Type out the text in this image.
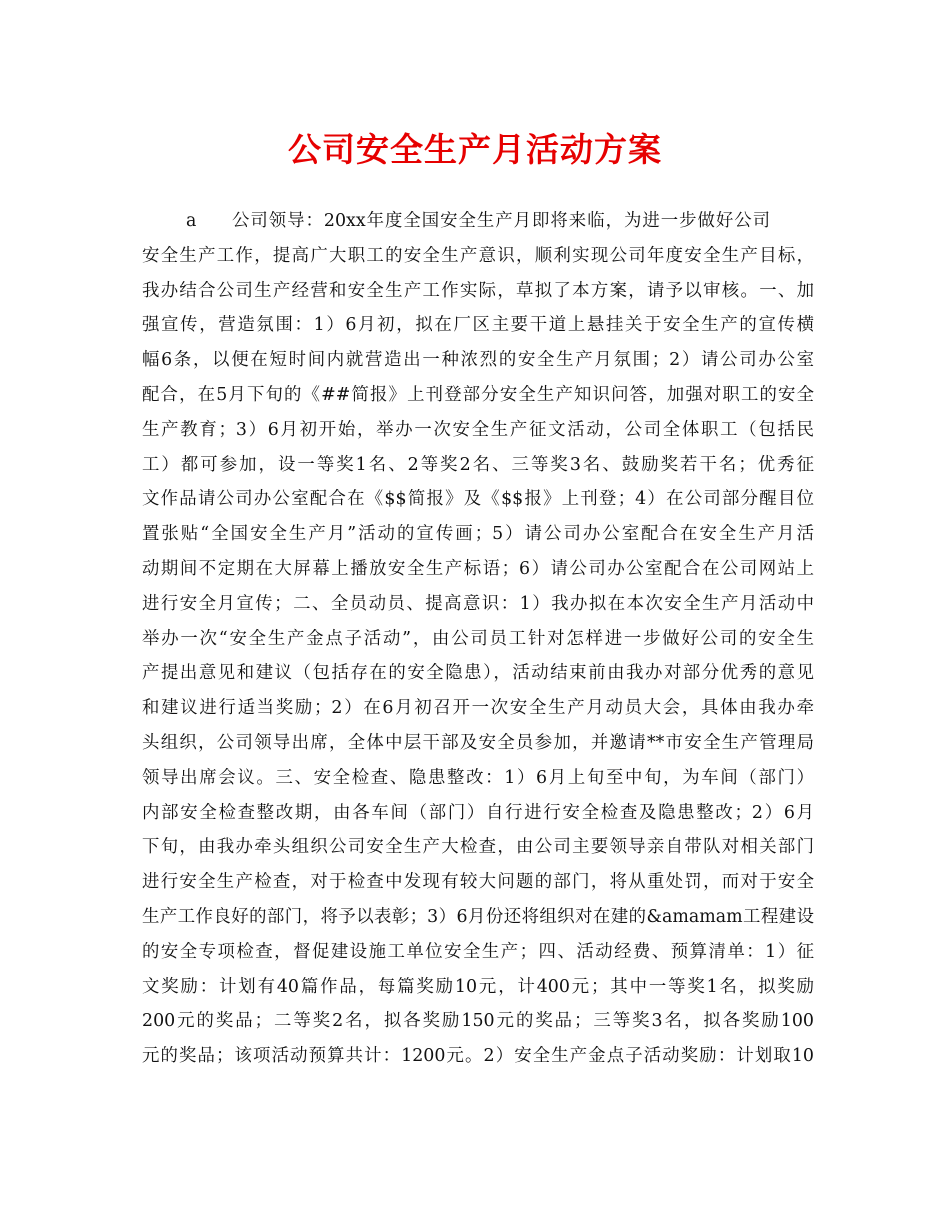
公司安全生产月活动方案
a 公司领导：20xx年度全国安全生产月即将来临，为进一步做好公司
安全生产工作，提高广大职工的安全生产意识，顺利实现公司年度安全生产目标，
我办结合公司生产经营和安全生产工作实际，草拟了本方案，请予以审核。一、加
强宣传，营造氛围：1）6月初，拟在厂区主要干道上悬挂关于安全生产的宣传横
幅6条，以便在短时间内就营造出一种浓烈的安全生产月氛围；2）请公司办公室
配合，在5月下旬的《##简报》上刊登部分安全生产知识问答，加强对职工的安全
生产教育；3）6月初开始，举办一次安全生产征文活动，公司全体职工（包括民
工）都可参加，设一等奖1名、2等奖2名、三等奖3名、鼓励奖若干名；优秀征
文作品请公司办公室配合在《$$简报》及《$$报》上刊登；4）在公司部分醒目位
置张贴“全国安全生产月”活动的宣传画；5）请公司办公室配合在安全生产月活
动期间不定期在大屏幕上播放安全生产标语；6）请公司办公室配合在公司网站上
进行安全月宣传；二、全员动员、提高意识：1）我办拟在本次安全生产月活动中
举办一次“安全生产金点子活动”，由公司员工针对怎样进一步做好公司的安全生
产提出意见和建议（包括存在的安全隐患），活动结束前由我办对部分优秀的意见
和建议进行适当奖励；2）在6月初召开一次安全生产月动员大会，具体由我办牵
头组织，公司领导出席，全体中层干部及安全员参加，并邀请**市安全生产管理局
领导出席会议。三、安全检查、隐患整改：1）6月上旬至中旬，为车间（部门）
内部安全检查整改期，由各车间（部门）自行进行安全检查及隐患整改；2）6月
下旬，由我办牵头组织公司安全生产大检查，由公司主要领导亲自带队对相关部门
进行安全生产检查，对于检查中发现有较大问题的部门，将从重处罚，而对于安全
生产工作良好的部门，将予以表彰；3）6月份还将组织对在建的&amamam工程建设
的安全专项检查，督促建设施工单位安全生产；四、活动经费、预算清单：1）征
文奖励：计划有40篇作品，每篇奖励10元，计400元；其中一等奖1名，拟奖励
200元的奖品；二等奖2名，拟各奖励150元的奖品；三等奖3名，拟各奖励100
元的奖品；该项活动预算共计：1200元。2）安全生产金点子活动奖励：计划取10
